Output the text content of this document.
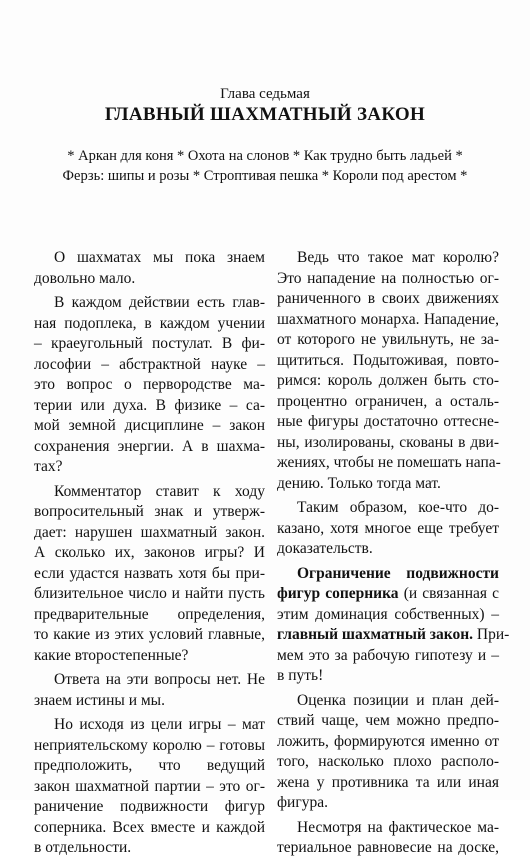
Глава седьмая
ГЛАВНЫЙ ШАХМАТНЫЙ ЗАКОН
* Аркан для коня * Охота на слонов * Как трудно быть ладьей *
Ферзь: шипы и розы * Строптивая пешка * Короли под арестом *

О шахматах мы пока знаем
довольно мало.

В каждом действии есть глав-
ная подоплека, в каждом учении
– краеугольный постулат. В фи-
лософии – абстрактной науке –
это вопрос о первородстве ма-
терии или духа. В физике – са-
мой земной дисциплине – закон
сохранения энергии. А в шахма-
тах?

Комментатор ставит к ходу
вопросительный знак и утверж-
дает: нарушен шахматный закон.
А сколько их, законов игры? И
если удастся назвать хотя бы при-
близительное число и найти пусть
предварительные определения,
то какие из этих условий главные,
какие второстепенные?

Ответа на эти вопросы нет. Не
знаем истины и мы.

Но исходя из цели игры – мат
неприятельскому королю – готовы
предположить, что ведущий
закон шахматной партии – это ог-
раничение подвижности фигур
соперника. Всех вместе и каждой
в отдельности.

Ведь что такое мат королю?
Это нападение на полностью ог-
раниченного в своих движениях
шахматного монарха. Нападение,
от которого не увильнуть, не за-
щититься. Подытоживая, повто-
римся: король должен быть сто-
процентно ограничен, а осталь-
ные фигуры достаточно оттесне-
ны, изолированы, скованы в дви-
жениях, чтобы не помешать напа-
дению. Только тогда мат.

Таким образом, кое-что до-
казано, хотя многое еще требует
доказательств.

Ограничение подвижности
фигур соперника (и связанная с
этим доминация собственных) –
главный шахматный закон. При-
мем это за рабочую гипотезу и –
в путь!

Оценка позиции и план дей-
ствий чаще, чем можно предпо-
ложить, формируются именно от
того, насколько плохо располо-
жена у противника та или иная
фигура.

Несмотря на фактическое ма-
териальное равновесие на доске,
